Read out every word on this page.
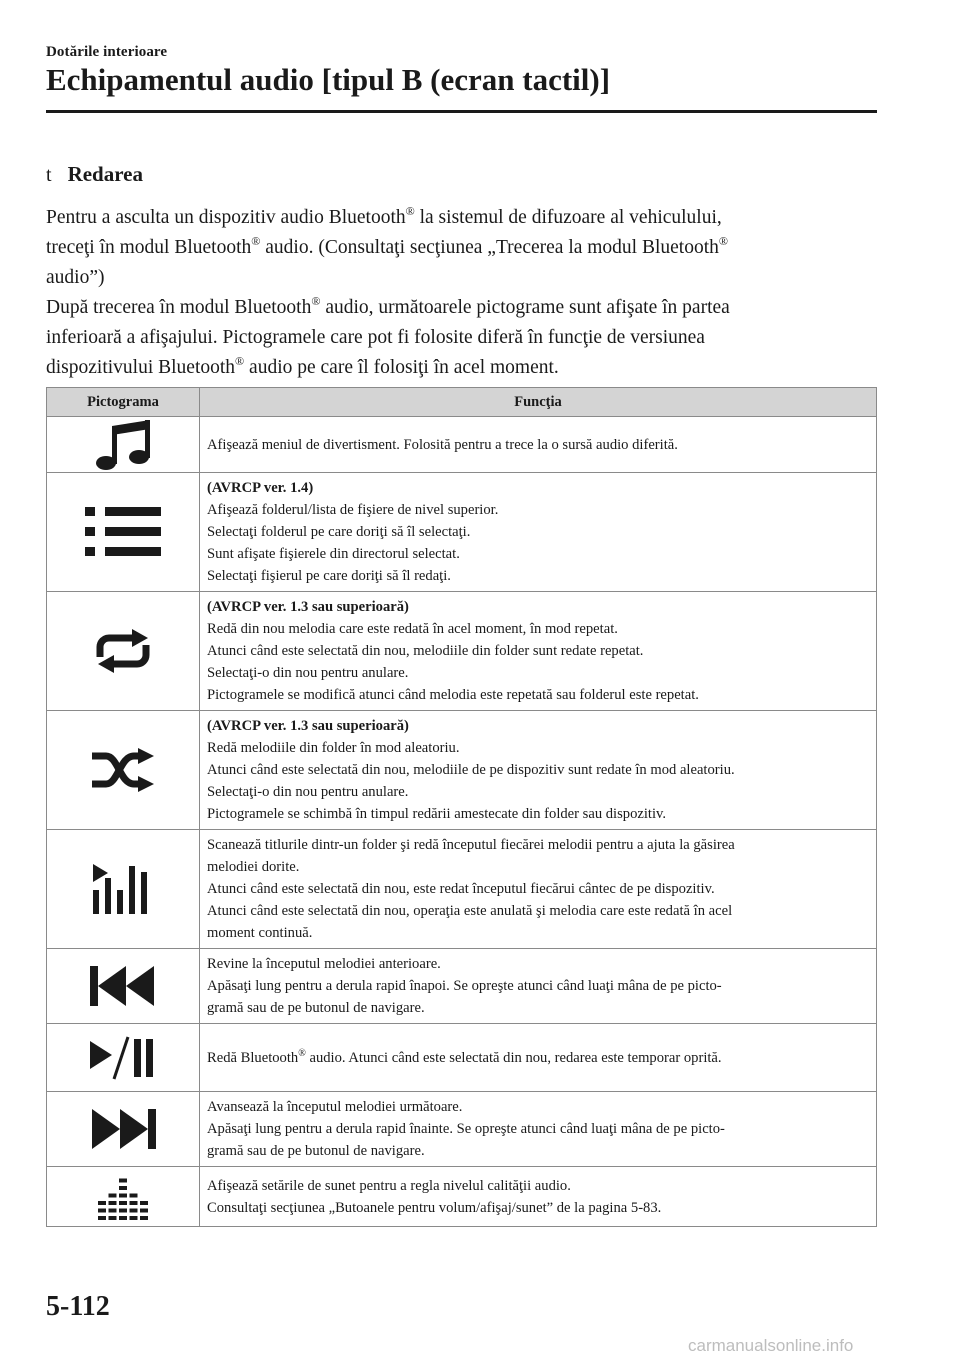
Dotările interioare
Echipamentul audio [tipul B (ecran tactil)]
t Redarea

Pentru a asculta un dispozitiv audio Bluetooth® la sistemul de difuzoare al vehiculului,
treceţi în modul Bluetooth® audio. (Consultaţi secţiunea „Trecerea la modul Bluetooth®
audio”)

După trecerea în modul Bluetooth® audio, următoarele pictograme sunt afişate în partea
inferioară a afişajului. Pictogramele care pot fi folosite diferă în funcţie de versiunea
dispozitivului Bluetooth® audio pe care îl folosiţi în acel moment.

Pictograma	Funcţia

Afişează meniul de divertisment. Folosită pentru a trece la o sursă audio diferită.

(AVRCP ver. 1.4)
Afişează folderul/lista de fişiere de nivel superior.
Selectaţi folderul pe care doriţi să îl selectaţi.
Sunt afişate fişierele din directorul selectat.
Selectaţi fişierul pe care doriţi să îl redaţi.

(AVRCP ver. 1.3 sau superioară)
Redă din nou melodia care este redată în acel moment, în mod repetat.
Atunci când este selectată din nou, melodiile din folder sunt redate repetat.
Selectaţi-o din nou pentru anulare.
Pictogramele se modifică atunci când melodia este repetată sau folderul este repetat.

(AVRCP ver. 1.3 sau superioară)
Redă melodiile din folder în mod aleatoriu.
Atunci când este selectată din nou, melodiile de pe dispozitiv sunt redate în mod aleatoriu.
Selectaţi-o din nou pentru anulare.
Pictogramele se schimbă în timpul redării amestecate din folder sau dispozitiv.

Scanează titlurile dintr-un folder şi redă începutul fiecărei melodii pentru a ajuta la găsirea
melodiei dorite.
Atunci când este selectată din nou, este redat începutul fiecărui cântec de pe dispozitiv.
Atunci când este selectată din nou, operaţia este anulată şi melodia care este redată în acel
moment continuă.

Revine la începutul melodiei anterioare.
Apăsaţi lung pentru a derula rapid înapoi. Se opreşte atunci când luaţi mâna de pe picto-
gramă sau de pe butonul de navigare.

Redă Bluetooth® audio. Atunci când este selectată din nou, redarea este temporar oprită.

Avansează la începutul melodiei următoare.
Apăsaţi lung pentru a derula rapid înainte. Se opreşte atunci când luaţi mâna de pe picto-
gramă sau de pe butonul de navigare.

Afişează setările de sunet pentru a regla nivelul calităţii audio.
Consultaţi secţiunea „Butoanele pentru volum/afişaj/sunet” de la pagina 5-83.
5-112
carmanualsonline.info
